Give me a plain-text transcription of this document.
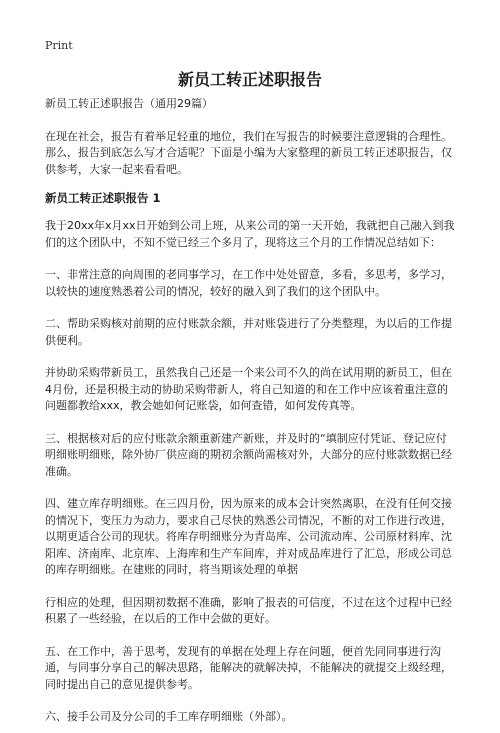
Print
新员工转正述职报告

新员工转正述职报告（通用29篇）

在现在社会，报告有着举足轻重的地位，我们在写报告的时候要注意逻辑的合理性。那么，报告到底怎么写才合适呢？下面是小编为大家整理的新员工转正述职报告，仅供参考，大家一起来看看吧。

新员工转正述职报告 1

我于20xx年x月xx日开始到公司上班，从来公司的第一天开始，我就把自己融入到我们的这个团队中，不知不觉已经三个多月了，现将这三个月的工作情况总结如下：

一、非常注意的向周围的老同事学习，在工作中处处留意，多看，多思考，多学习，以较快的速度熟悉着公司的情况，较好的融入到了我们的这个团队中。

二、帮助采购核对前期的应付账款余额，并对账袋进行了分类整理，为以后的工作提供便利。

并协助采购带新员工，虽然我自己还是一个来公司不久的尚在试用期的新员工，但在4月份，还是积极主动的协助采购带新人，将自己知道的和在工作中应该着重注意的问题都教给xxx，教会她如何记账袋，如何查错，如何发传真等。

三、根据核对后的应付账款余额重新建产新账，并及时的“填制应付凭证、登记应付明细账明细账，除外协厂供应商的期初余额尚需核对外，大部分的应付账款数据已经准确。

四、建立库存明细账。在三四月份，因为原来的成本会计突然离职，在没有任何交接的情况下，变压力为动力，要求自己尽快的熟悉公司情况，不断的对工作进行改进，以期更适合公司的现状。将库存明细账分为青岛库、公司流动库、公司原材料库、沈阳库、济南库、北京库、上海库和生产车间库，并对成品库进行了汇总，形成公司总的库存明细账。在建账的同时，将当期该处理的单据

行相应的处理，但因期初数据不准确，影响了报表的可信度，不过在这个过程中已经积累了一些经验，在以后的工作中会做的更好。

五、在工作中，善于思考，发现有的单据在处理上存在问题，便首先同同事进行沟通，与同事分享自己的解决思路，能解决的就解决掉，不能解决的就提交上级经理，同时提出自己的意见提供参考。

六、接手公司及分公司的手工库存明细账（外部）。
